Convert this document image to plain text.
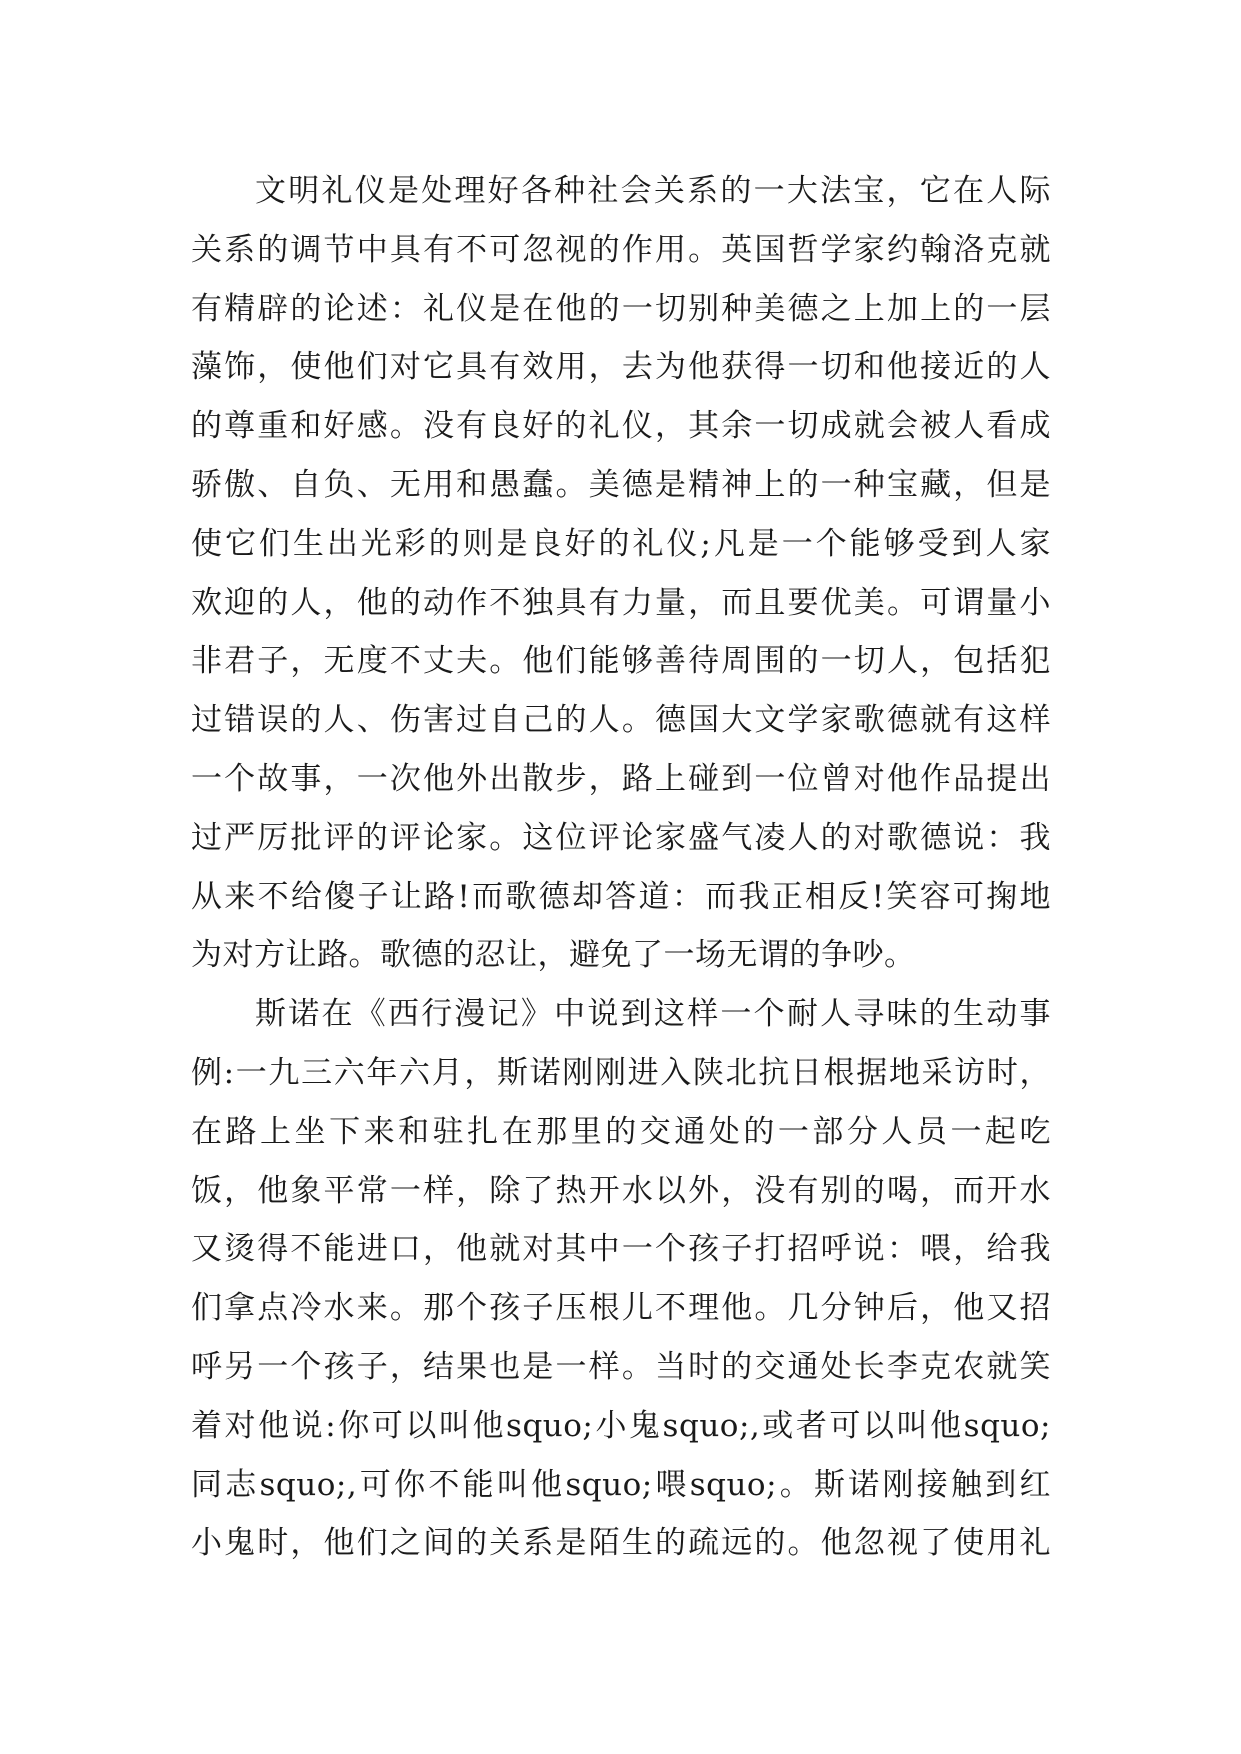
文明礼仪是处理好各种社会关系的一大法宝，它在人际
关系的调节中具有不可忽视的作用。英国哲学家约翰洛克就
有精辟的论述：礼仪是在他的一切别种美德之上加上的一层
藻饰，使他们对它具有效用，去为他获得一切和他接近的人
的尊重和好感。没有良好的礼仪，其余一切成就会被人看成
骄傲、自负、无用和愚蠢。美德是精神上的一种宝藏，但是
使它们生出光彩的则是良好的礼仪;凡是一个能够受到人家
欢迎的人，他的动作不独具有力量，而且要优美。可谓量小
非君子，无度不丈夫。他们能够善待周围的一切人，包括犯
过错误的人、伤害过自己的人。德国大文学家歌德就有这样
一个故事，一次他外出散步，路上碰到一位曾对他作品提出
过严厉批评的评论家。这位评论家盛气凌人的对歌德说：我
从来不给傻子让路!而歌德却答道：而我正相反!笑容可掬地
为对方让路。歌德的忍让，避免了一场无谓的争吵。
斯诺在《西行漫记》中说到这样一个耐人寻味的生动事
例:一九三六年六月，斯诺刚刚进入陕北抗日根据地采访时，
在路上坐下来和驻扎在那里的交通处的一部分人员一起吃
饭，他象平常一样，除了热开水以外，没有别的喝，而开水
又烫得不能进口，他就对其中一个孩子打招呼说：喂，给我
们拿点冷水来。那个孩子压根儿不理他。几分钟后，他又招
呼另一个孩子，结果也是一样。当时的交通处长李克农就笑
着对他说:你可以叫他squo;小鬼squo;,或者可以叫他squo;
同志squo;,可你不能叫他squo;喂squo;。斯诺刚接触到红
小鬼时，他们之间的关系是陌生的疏远的。他忽视了使用礼
